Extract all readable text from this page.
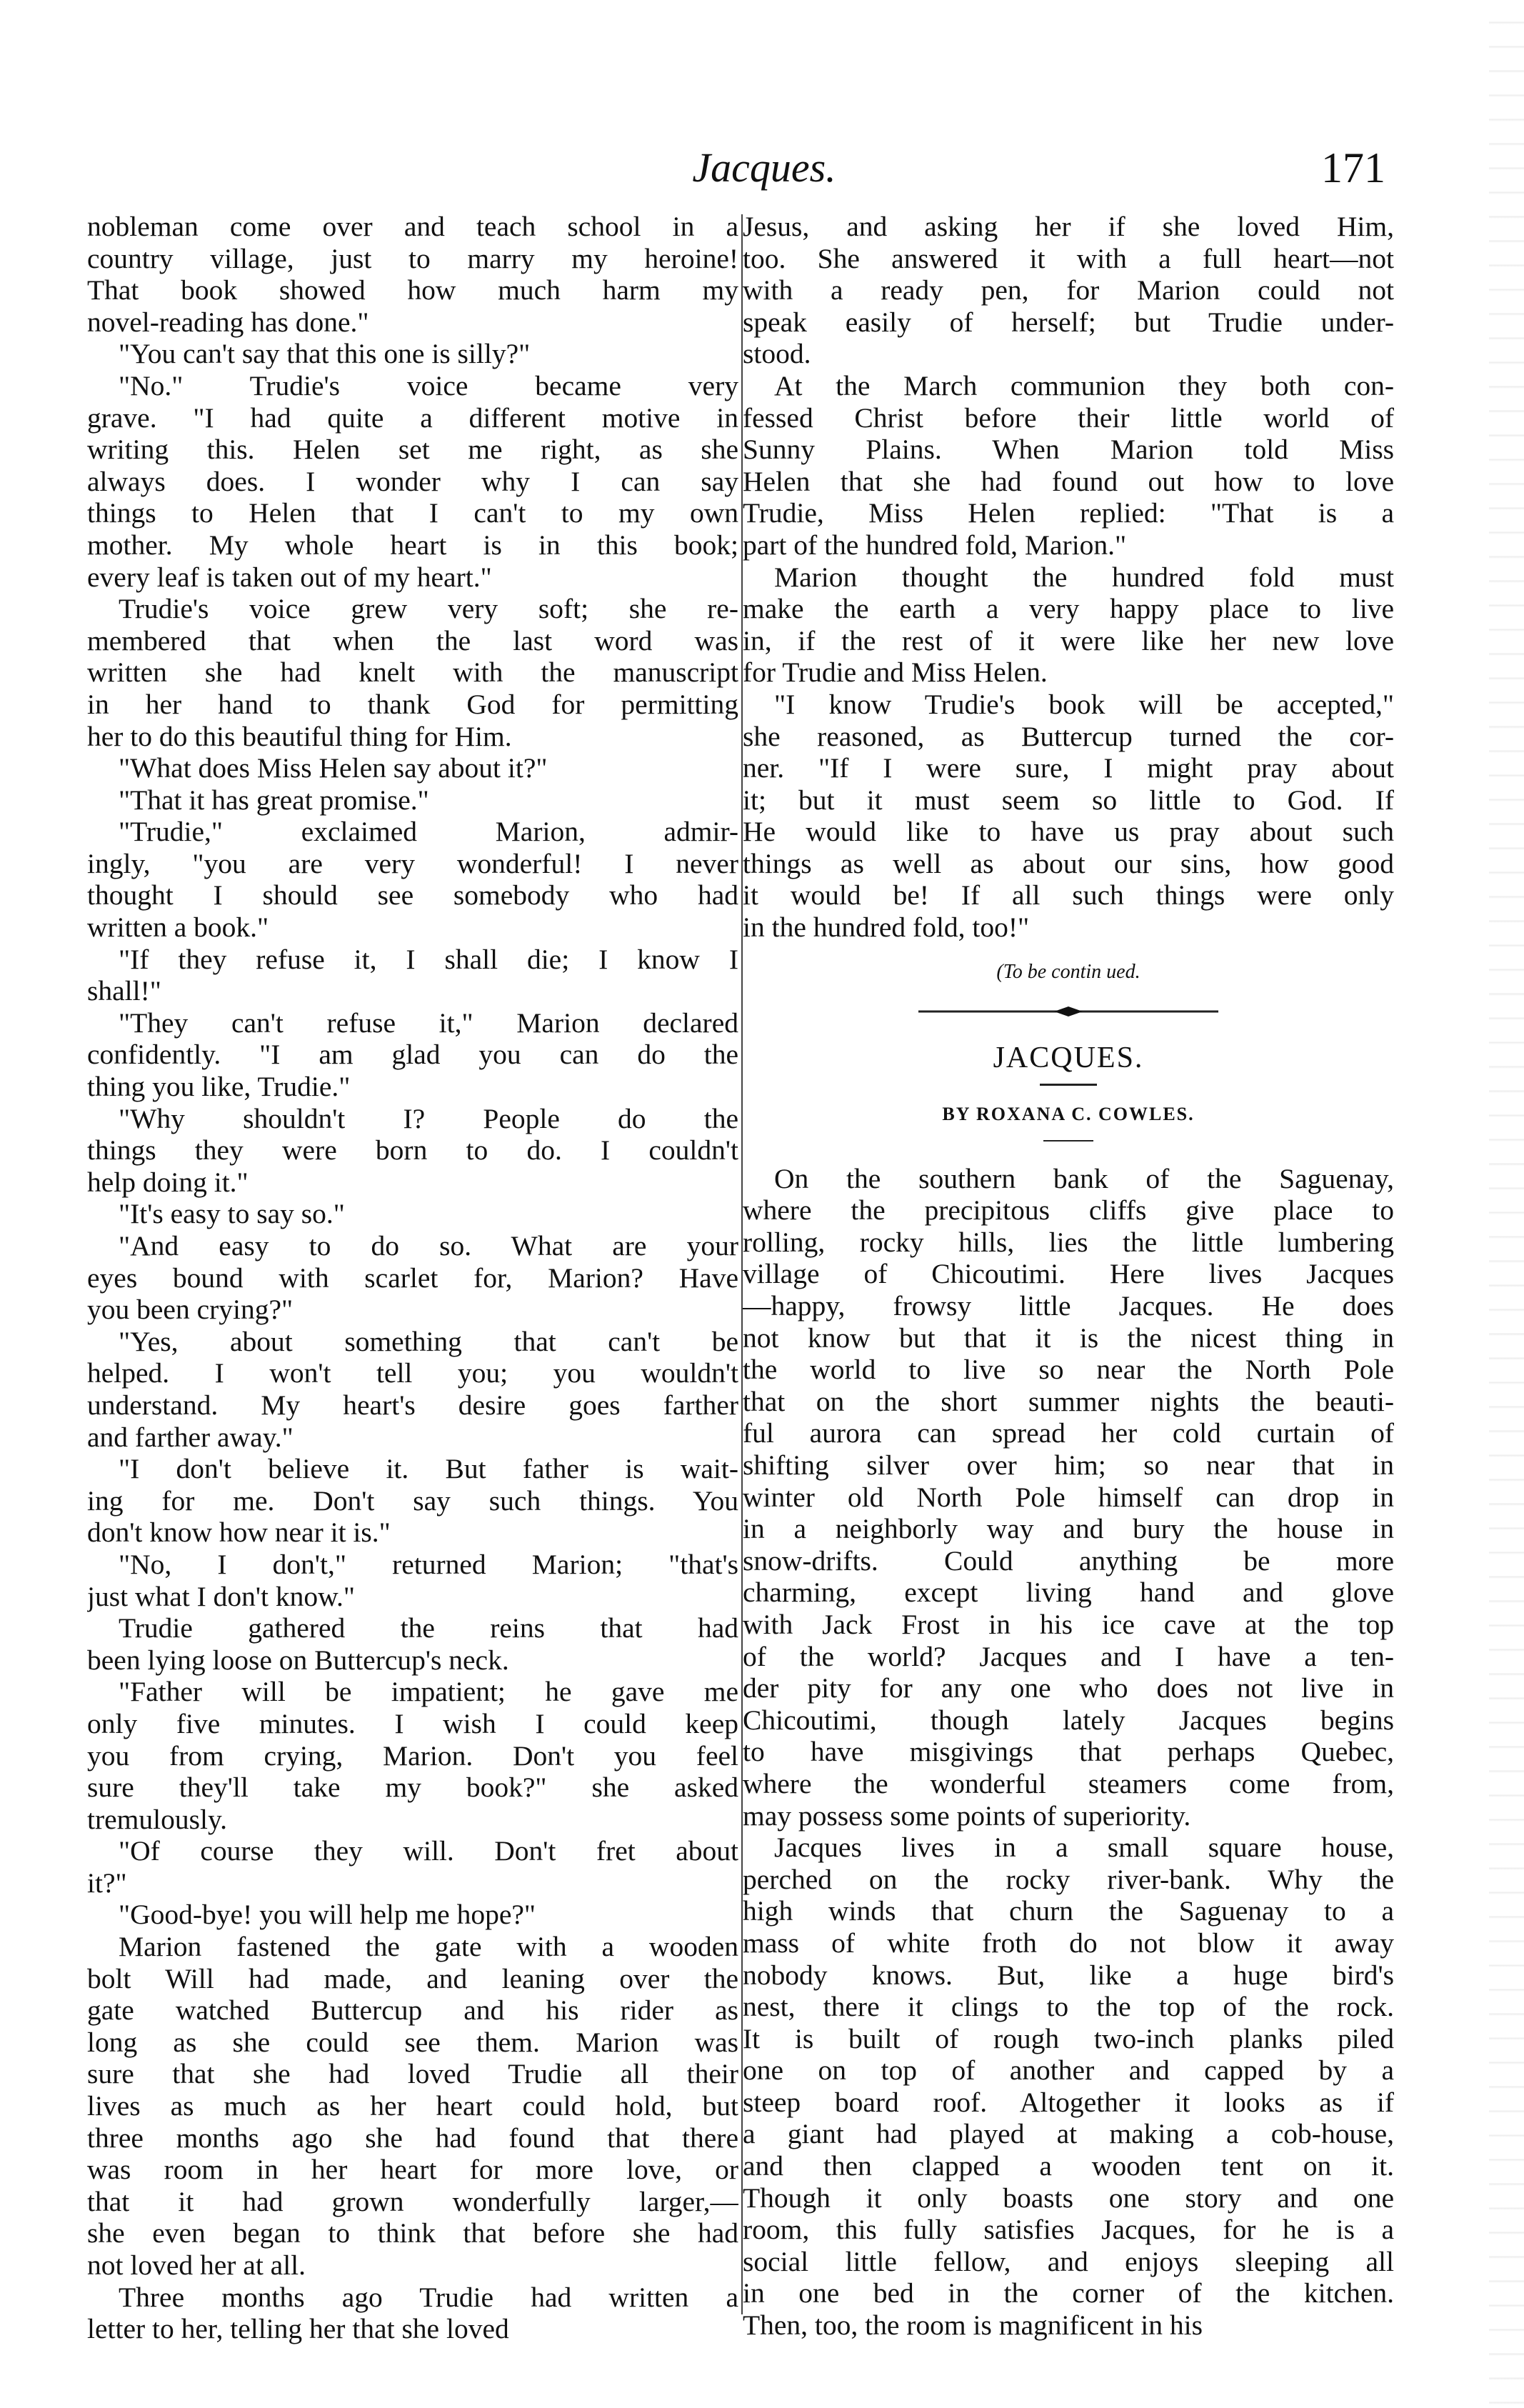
Jacques.	171
nobleman come over and teach school in a
country village, just to marry my heroine!
That book showed how much harm my
novel-reading has done."
"You can't say that this one is silly?"
"No." Trudie's voice became very
grave. "I had quite a different motive in
writing this. Helen set me right, as she
always does. I wonder why I can say
things to Helen that I can't to my own
mother. My whole heart is in this book;
every leaf is taken out of my heart."
Trudie's voice grew very soft; she re-
membered that when the last word was
written she had knelt with the manuscript
in her hand to thank God for permitting
her to do this beautiful thing for Him.
"What does Miss Helen say about it?"
"That it has great promise."
"Trudie," exclaimed Marion, admir-
ingly, "you are very wonderful! I never
thought I should see somebody who had
written a book."
"If they refuse it, I shall die; I know I
shall!"
"They can't refuse it," Marion declared
confidently. "I am glad you can do the
thing you like, Trudie."
"Why shouldn't I? People do the
things they were born to do. I couldn't
help doing it."
"It's easy to say so."
"And easy to do so. What are your
eyes bound with scarlet for, Marion? Have
you been crying?"
"Yes, about something that can't be
helped. I won't tell you; you wouldn't
understand. My heart's desire goes farther
and farther away."
"I don't believe it. But father is wait-
ing for me. Don't say such things. You
don't know how near it is."
"No, I don't," returned Marion; "that's
just what I don't know."
Trudie gathered the reins that had
been lying loose on Buttercup's neck.
"Father will be impatient; he gave me
only five minutes. I wish I could keep
you from crying, Marion. Don't you feel
sure they'll take my book?" she asked
tremulously.
"Of course they will. Don't fret about
it?"
"Good-bye! you will help me hope?"
Marion fastened the gate with a wooden
bolt Will had made, and leaning over the
gate watched Buttercup and his rider as
long as she could see them. Marion was
sure that she had loved Trudie all their
lives as much as her heart could hold, but
three months ago she had found that there
was room in her heart for more love, or
that it had grown wonderfully larger,—
she even began to think that before she had
not loved her at all.
Three months ago Trudie had written a
letter to her, telling her that she loved
Jesus, and asking her if she loved Him,
too. She answered it with a full heart—not
with a ready pen, for Marion could not
speak easily of herself; but Trudie under-
stood.
At the March communion they both con-
fessed Christ before their little world of
Sunny Plains. When Marion told Miss
Helen that she had found out how to love
Trudie, Miss Helen replied: "That is a
part of the hundred fold, Marion."
Marion thought the hundred fold must
make the earth a very happy place to live
in, if the rest of it were like her new love
for Trudie and Miss Helen.
"I know Trudie's book will be accepted,"
she reasoned, as Buttercup turned the cor-
ner. "If I were sure, I might pray about
it; but it must seem so little to God. If
He would like to have us pray about such
things as well as about our sins, how good
it would be! If all such things were only
in the hundred fold, too!"
(To be contin ued.
JACQUES.
BY ROXANA C. COWLES.
On the southern bank of the Saguenay,
where the precipitous cliffs give place to
rolling, rocky hills, lies the little lumbering
village of Chicoutimi. Here lives Jacques
—happy, frowsy little Jacques. He does
not know but that it is the nicest thing in
the world to live so near the North Pole
that on the short summer nights the beauti-
ful aurora can spread her cold curtain of
shifting silver over him; so near that in
winter old North Pole himself can drop in
in a neighborly way and bury the house in
snow-drifts. Could anything be more
charming, except living hand and glove
with Jack Frost in his ice cave at the top
of the world? Jacques and I have a ten-
der pity for any one who does not live in
Chicoutimi, though lately Jacques begins
to have misgivings that perhaps Quebec,
where the wonderful steamers come from,
may possess some points of superiority.
Jacques lives in a small square house,
perched on the rocky river-bank. Why the
high winds that churn the Saguenay to a
mass of white froth do not blow it away
nobody knows. But, like a huge bird's
nest, there it clings to the top of the rock.
It is built of rough two-inch planks piled
one on top of another and capped by a
steep board roof. Altogether it looks as if
a giant had played at making a cob-house,
and then clapped a wooden tent on it.
Though it only boasts one story and one
room, this fully satisfies Jacques, for he is a
social little fellow, and enjoys sleeping all
in one bed in the corner of the kitchen.
Then, too, the room is magnificent in his
